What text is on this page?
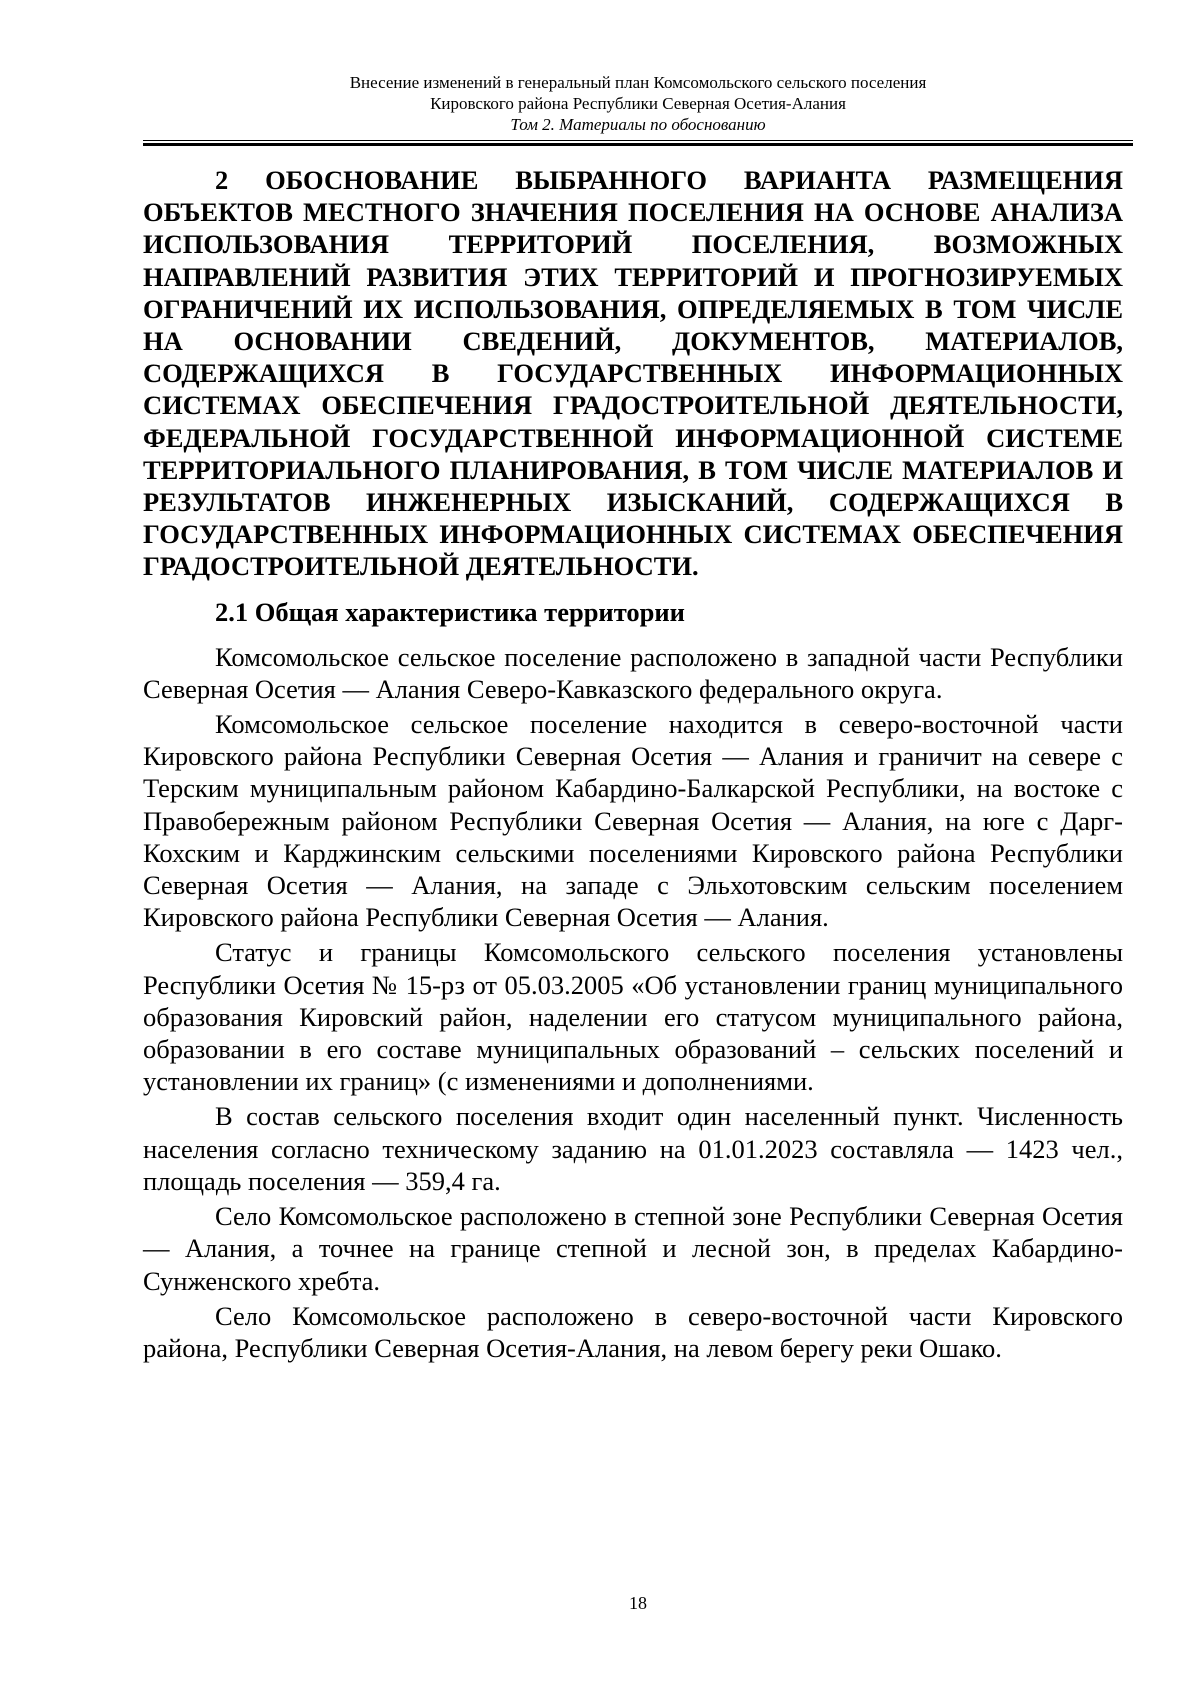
Внесение изменений в генеральный план Комсомольского сельского поселения
Кировского района Республики Северная Осетия-Алания
Том 2. Материалы по обоснованию
2 ОБОСНОВАНИЕ ВЫБРАННОГО ВАРИАНТА РАЗМЕЩЕНИЯ ОБЪЕКТОВ МЕСТНОГО ЗНАЧЕНИЯ ПОСЕЛЕНИЯ НА ОСНОВЕ АНАЛИЗА ИСПОЛЬЗОВАНИЯ ТЕРРИТОРИЙ ПОСЕЛЕНИЯ, ВОЗМОЖНЫХ НАПРАВЛЕНИЙ РАЗВИТИЯ ЭТИХ ТЕРРИТОРИЙ И ПРОГНОЗИРУЕМЫХ ОГРАНИЧЕНИЙ ИХ ИСПОЛЬЗОВАНИЯ, ОПРЕДЕЛЯЕМЫХ В ТОМ ЧИСЛЕ НА ОСНОВАНИИ СВЕДЕНИЙ, ДОКУМЕНТОВ, МАТЕРИАЛОВ, СОДЕРЖАЩИХСЯ В ГОСУДАРСТВЕННЫХ ИНФОРМАЦИОННЫХ СИСТЕМАХ ОБЕСПЕЧЕНИЯ ГРАДОСТРОИТЕЛЬНОЙ ДЕЯТЕЛЬНОСТИ, ФЕДЕРАЛЬНОЙ ГОСУДАРСТВЕННОЙ ИНФОРМАЦИОННОЙ СИСТЕМЕ ТЕРРИТОРИАЛЬНОГО ПЛАНИРОВАНИЯ, В ТОМ ЧИСЛЕ МАТЕРИАЛОВ И РЕЗУЛЬТАТОВ ИНЖЕНЕРНЫХ ИЗЫСКАНИЙ, СОДЕРЖАЩИХСЯ В ГОСУДАРСТВЕННЫХ ИНФОРМАЦИОННЫХ СИСТЕМАХ ОБЕСПЕЧЕНИЯ ГРАДОСТРОИТЕЛЬНОЙ ДЕЯТЕЛЬНОСТИ.
2.1 Общая характеристика территории

Комсомольское сельское поселение расположено в западной части Республики Северная Осетия — Алания Северо-Кавказского федерального округа.

Комсомольское сельское поселение находится в северо-восточной части Кировского района Республики Северная Осетия — Алания и граничит на севере с Терским муниципальным районом Кабардино-Балкарской Республики, на востоке с Правобережным районом Республики Северная Осетия — Алания, на юге с Дарг-Кохским и Карджинским сельскими поселениями Кировского района Республики Северная Осетия — Алания, на западе с Эльхотовским сельским поселением Кировского района Республики Северная Осетия — Алания.

Статус и границы Комсомольского сельского поселения установлены Республики Осетия № 15-рз от 05.03.2005 «Об установлении границ муниципального образования Кировский район, наделении его статусом муниципального района, образовании в его составе муниципальных образований – сельских поселений и установлении их границ» (с изменениями и дополнениями.

В состав сельского поселения входит один населенный пункт. Численность населения согласно техническому заданию на 01.01.2023 составляла — 1423 чел., площадь поселения — 359,4 га.

Село Комсомольское расположено в степной зоне Республики Северная Осетия — Алания, а точнее на границе степной и лесной зон, в пределах Кабардино-Сунженского хребта.

Село Комсомольское расположено в северо-восточной части Кировского района, Республики Северная Осетия-Алания, на левом берегу реки Ошако.

18
